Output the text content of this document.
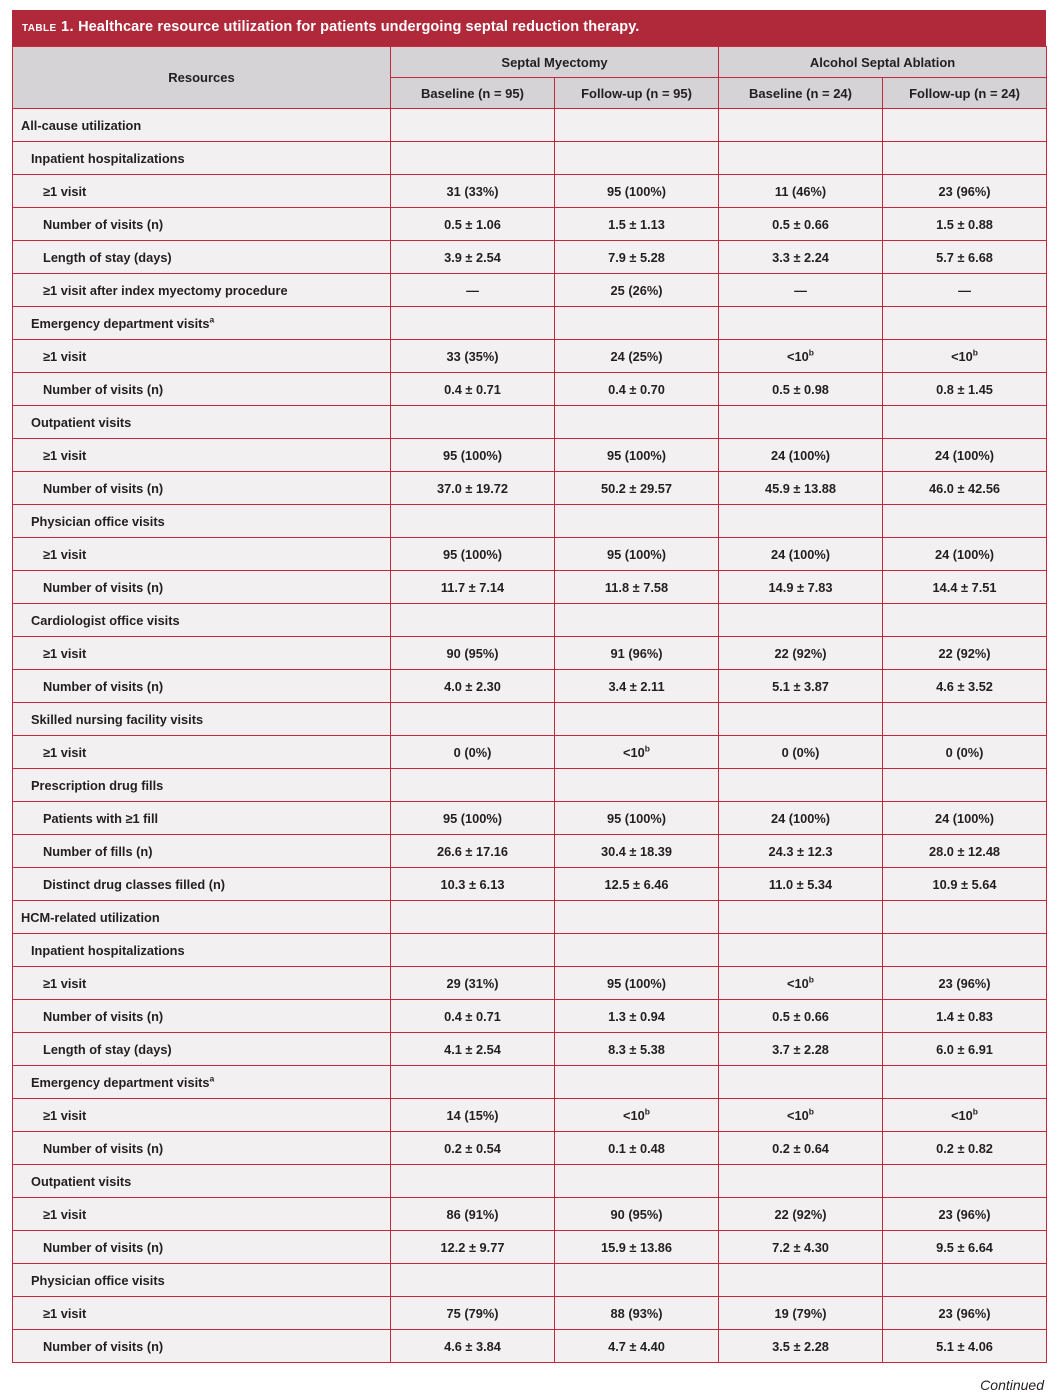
table 1. Healthcare resource utilization for patients undergoing septal reduction therapy.
Resources	Septal Myectomy		Alcohol Septal Ablation	
	Baseline (n = 95)	Follow-up (n = 95)	Baseline (n = 24)	Follow-up (n = 24)
All-cause utilization				
Inpatient hospitalizations				
≥1 visit	31 (33%)	95 (100%)	11 (46%)	23 (96%)
Number of visits (n)	0.5 ± 1.06	1.5 ± 1.13	0.5 ± 0.66	1.5 ± 0.88
Length of stay (days)	3.9 ± 2.54	7.9 ± 5.28	3.3 ± 2.24	5.7 ± 6.68
≥1 visit after index myectomy procedure	—	25 (26%)	—	—
Emergency department visits$^a$				
≥1 visit	33 (35%)	24 (25%)	$<10^b$	$<10^b$
Number of visits (n)	0.4 ± 0.71	0.4 ± 0.70	0.5 ± 0.98	0.8 ± 1.45
Outpatient visits				
≥1 visit	95 (100%)	95 (100%)	24 (100%)	24 (100%)
Number of visits (n)	37.0 ± 19.72	50.2 ± 29.57	45.9 ± 13.88	46.0 ± 42.56
Physician office visits				
≥1 visit	95 (100%)	95 (100%)	24 (100%)	24 (100%)
Number of visits (n)	11.7 ± 7.14	11.8 ± 7.58	14.9 ± 7.83	14.4 ± 7.51
Cardiologist office visits				
≥1 visit	90 (95%)	91 (96%)	22 (92%)	22 (92%)
Number of visits (n)	4.0 ± 2.30	3.4 ± 2.11	5.1 ± 3.87	4.6 ± 3.52
Skilled nursing facility visits				
≥1 visit	0 (0%)	$<10^b$	0 (0%)	0 (0%)
Prescription drug fills				
Patients with ≥1 fill	95 (100%)	95 (100%)	24 (100%)	24 (100%)
Number of fills (n)	26.6 ± 17.16	30.4 ± 18.39	24.3 ± 12.3	28.0 ± 12.48
Distinct drug classes filled (n)	10.3 ± 6.13	12.5 ± 6.46	11.0 ± 5.34	10.9 ± 5.64
HCM-related utilization				
Inpatient hospitalizations				
≥1 visit	29 (31%)	95 (100%)	$<10^b$	23 (96%)
Number of visits (n)	0.4 ± 0.71	1.3 ± 0.94	0.5 ± 0.66	1.4 ± 0.83
Length of stay (days)	4.1 ± 2.54	8.3 ± 5.38	3.7 ± 2.28	6.0 ± 6.91
Emergency department visits$^a$				
≥1 visit	14 (15%)	$<10^b$	$<10^b$	$<10^b$
Number of visits (n)	0.2 ± 0.54	0.1 ± 0.48	0.2 ± 0.64	0.2 ± 0.82
Outpatient visits				
≥1 visit	86 (91%)	90 (95%)	22 (92%)	23 (96%)
Number of visits (n)	12.2 ± 9.77	15.9 ± 13.86	7.2 ± 4.30	9.5 ± 6.64
Physician office visits				
≥1 visit	75 (79%)	88 (93%)	19 (79%)	23 (96%)
Number of visits (n)	4.6 ± 3.84	4.7 ± 4.40	3.5 ± 2.28	5.1 ± 4.06
Continued
